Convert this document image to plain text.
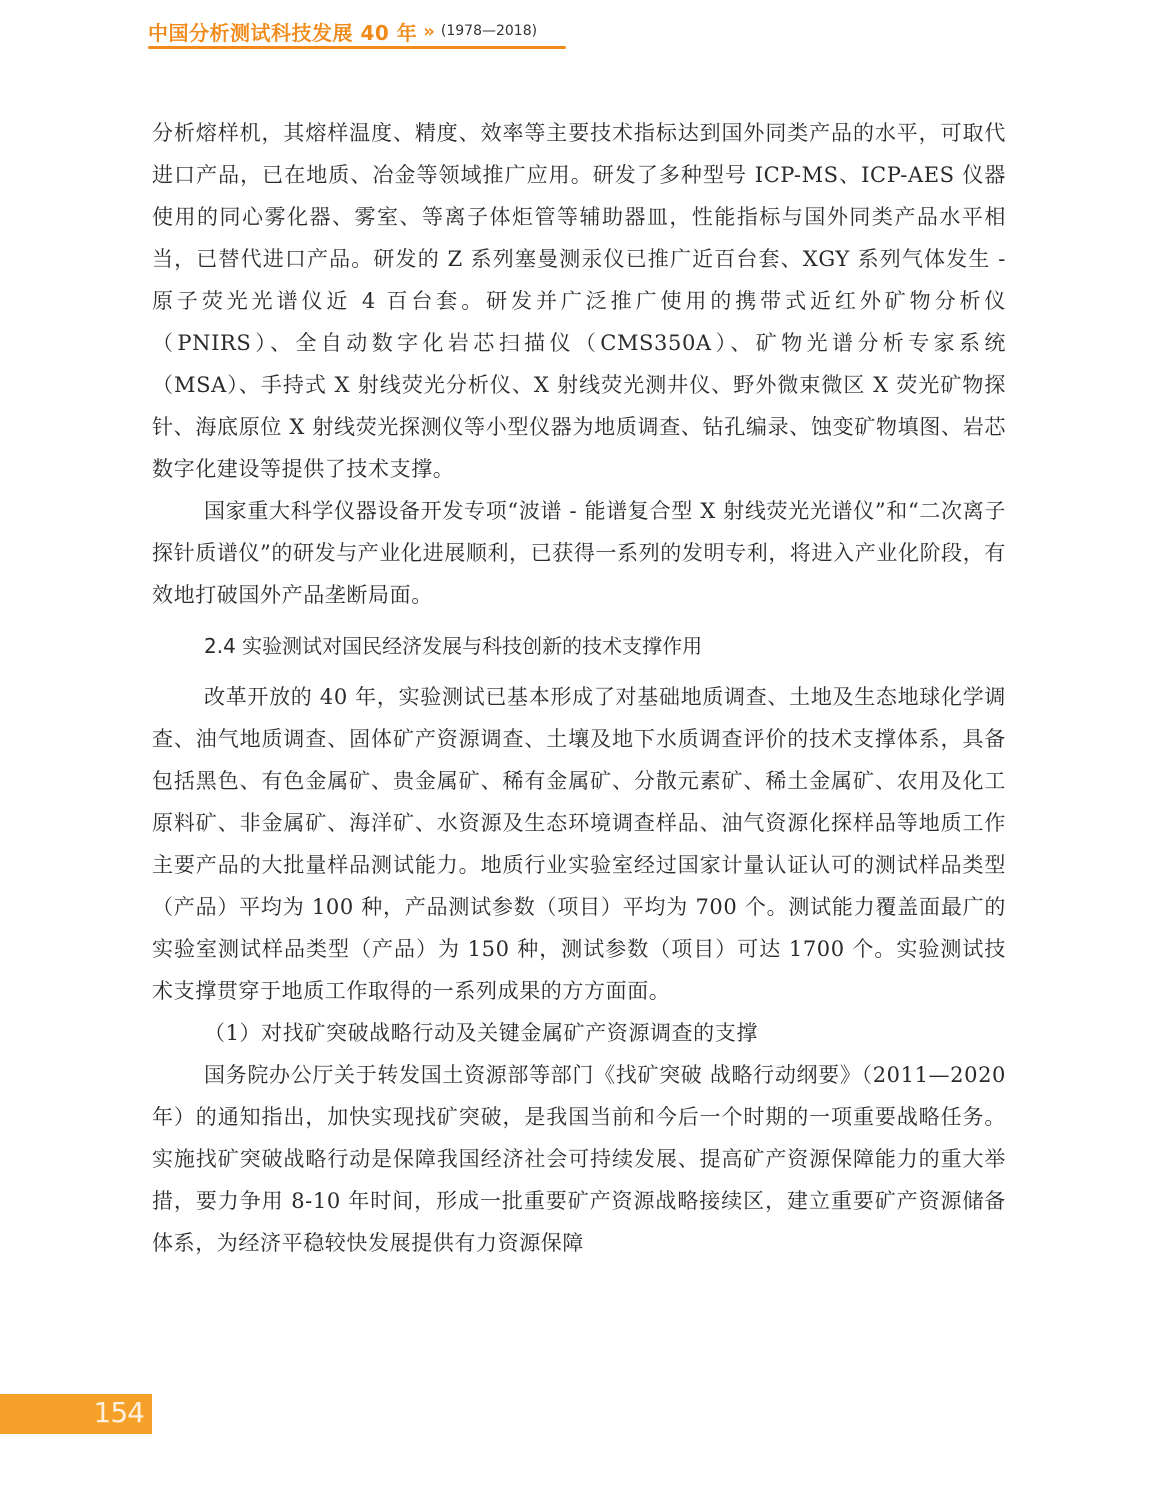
中国分析测试科技发展 40 年 » (1978—2018)

分析熔样机，其熔样温度、精度、效率等主要技术指标达到国外同类产品的水平，可取代进口产品，已在地质、冶金等领域推广应用。研发了多种型号 ICP-MS、ICP-AES 仪器使用的同心雾化器、雾室、等离子体炬管等辅助器皿，性能指标与国外同类产品水平相当，已替代进口产品。研发的 Z 系列塞曼测汞仪已推广近百台套、XGY 系列气体发生 - 原子荧光光谱仪近 4 百台套。研发并广泛推广使用的携带式近红外矿物分析仪（PNIRS）、全自动数字化岩芯扫描仪（CMS350A）、矿物光谱分析专家系统（MSA）、手持式 X 射线荧光分析仪、X 射线荧光测井仪、野外微束微区 X 荧光矿物探针、海底原位 X 射线荧光探测仪等小型仪器为地质调查、钻孔编录、蚀变矿物填图、岩芯数字化建设等提供了技术支撑。

国家重大科学仪器设备开发专项“波谱 - 能谱复合型 X 射线荧光光谱仪”和“二次离子探针质谱仪”的研发与产业化进展顺利，已获得一系列的发明专利，将进入产业化阶段，有效地打破国外产品垄断局面。

2.4 实验测试对国民经济发展与科技创新的技术支撑作用

改革开放的 40 年，实验测试已基本形成了对基础地质调查、土地及生态地球化学调查、油气地质调查、固体矿产资源调查、土壤及地下水质调查评价的技术支撑体系，具备包括黑色、有色金属矿、贵金属矿、稀有金属矿、分散元素矿、稀土金属矿、农用及化工原料矿、非金属矿、海洋矿、水资源及生态环境调查样品、油气资源化探样品等地质工作主要产品的大批量样品测试能力。地质行业实验室经过国家计量认证认可的测试样品类型（产品）平均为 100 种，产品测试参数（项目）平均为 700 个。测试能力覆盖面最广的实验室测试样品类型（产品）为 150 种，测试参数（项目）可达 1700 个。实验测试技术支撑贯穿于地质工作取得的一系列成果的方方面面。

（1）对找矿突破战略行动及关键金属矿产资源调查的支撑

国务院办公厅关于转发国土资源部等部门《找矿突破 战略行动纲要》（2011—2020 年）的通知指出，加快实现找矿突破，是我国当前和今后一个时期的一项重要战略任务。实施找矿突破战略行动是保障我国经济社会可持续发展、提高矿产资源保障能力的重大举措，要力争用 8-10 年时间，形成一批重要矿产资源战略接续区，建立重要矿产资源储备体系，为经济平稳较快发展提供有力资源保障

154
